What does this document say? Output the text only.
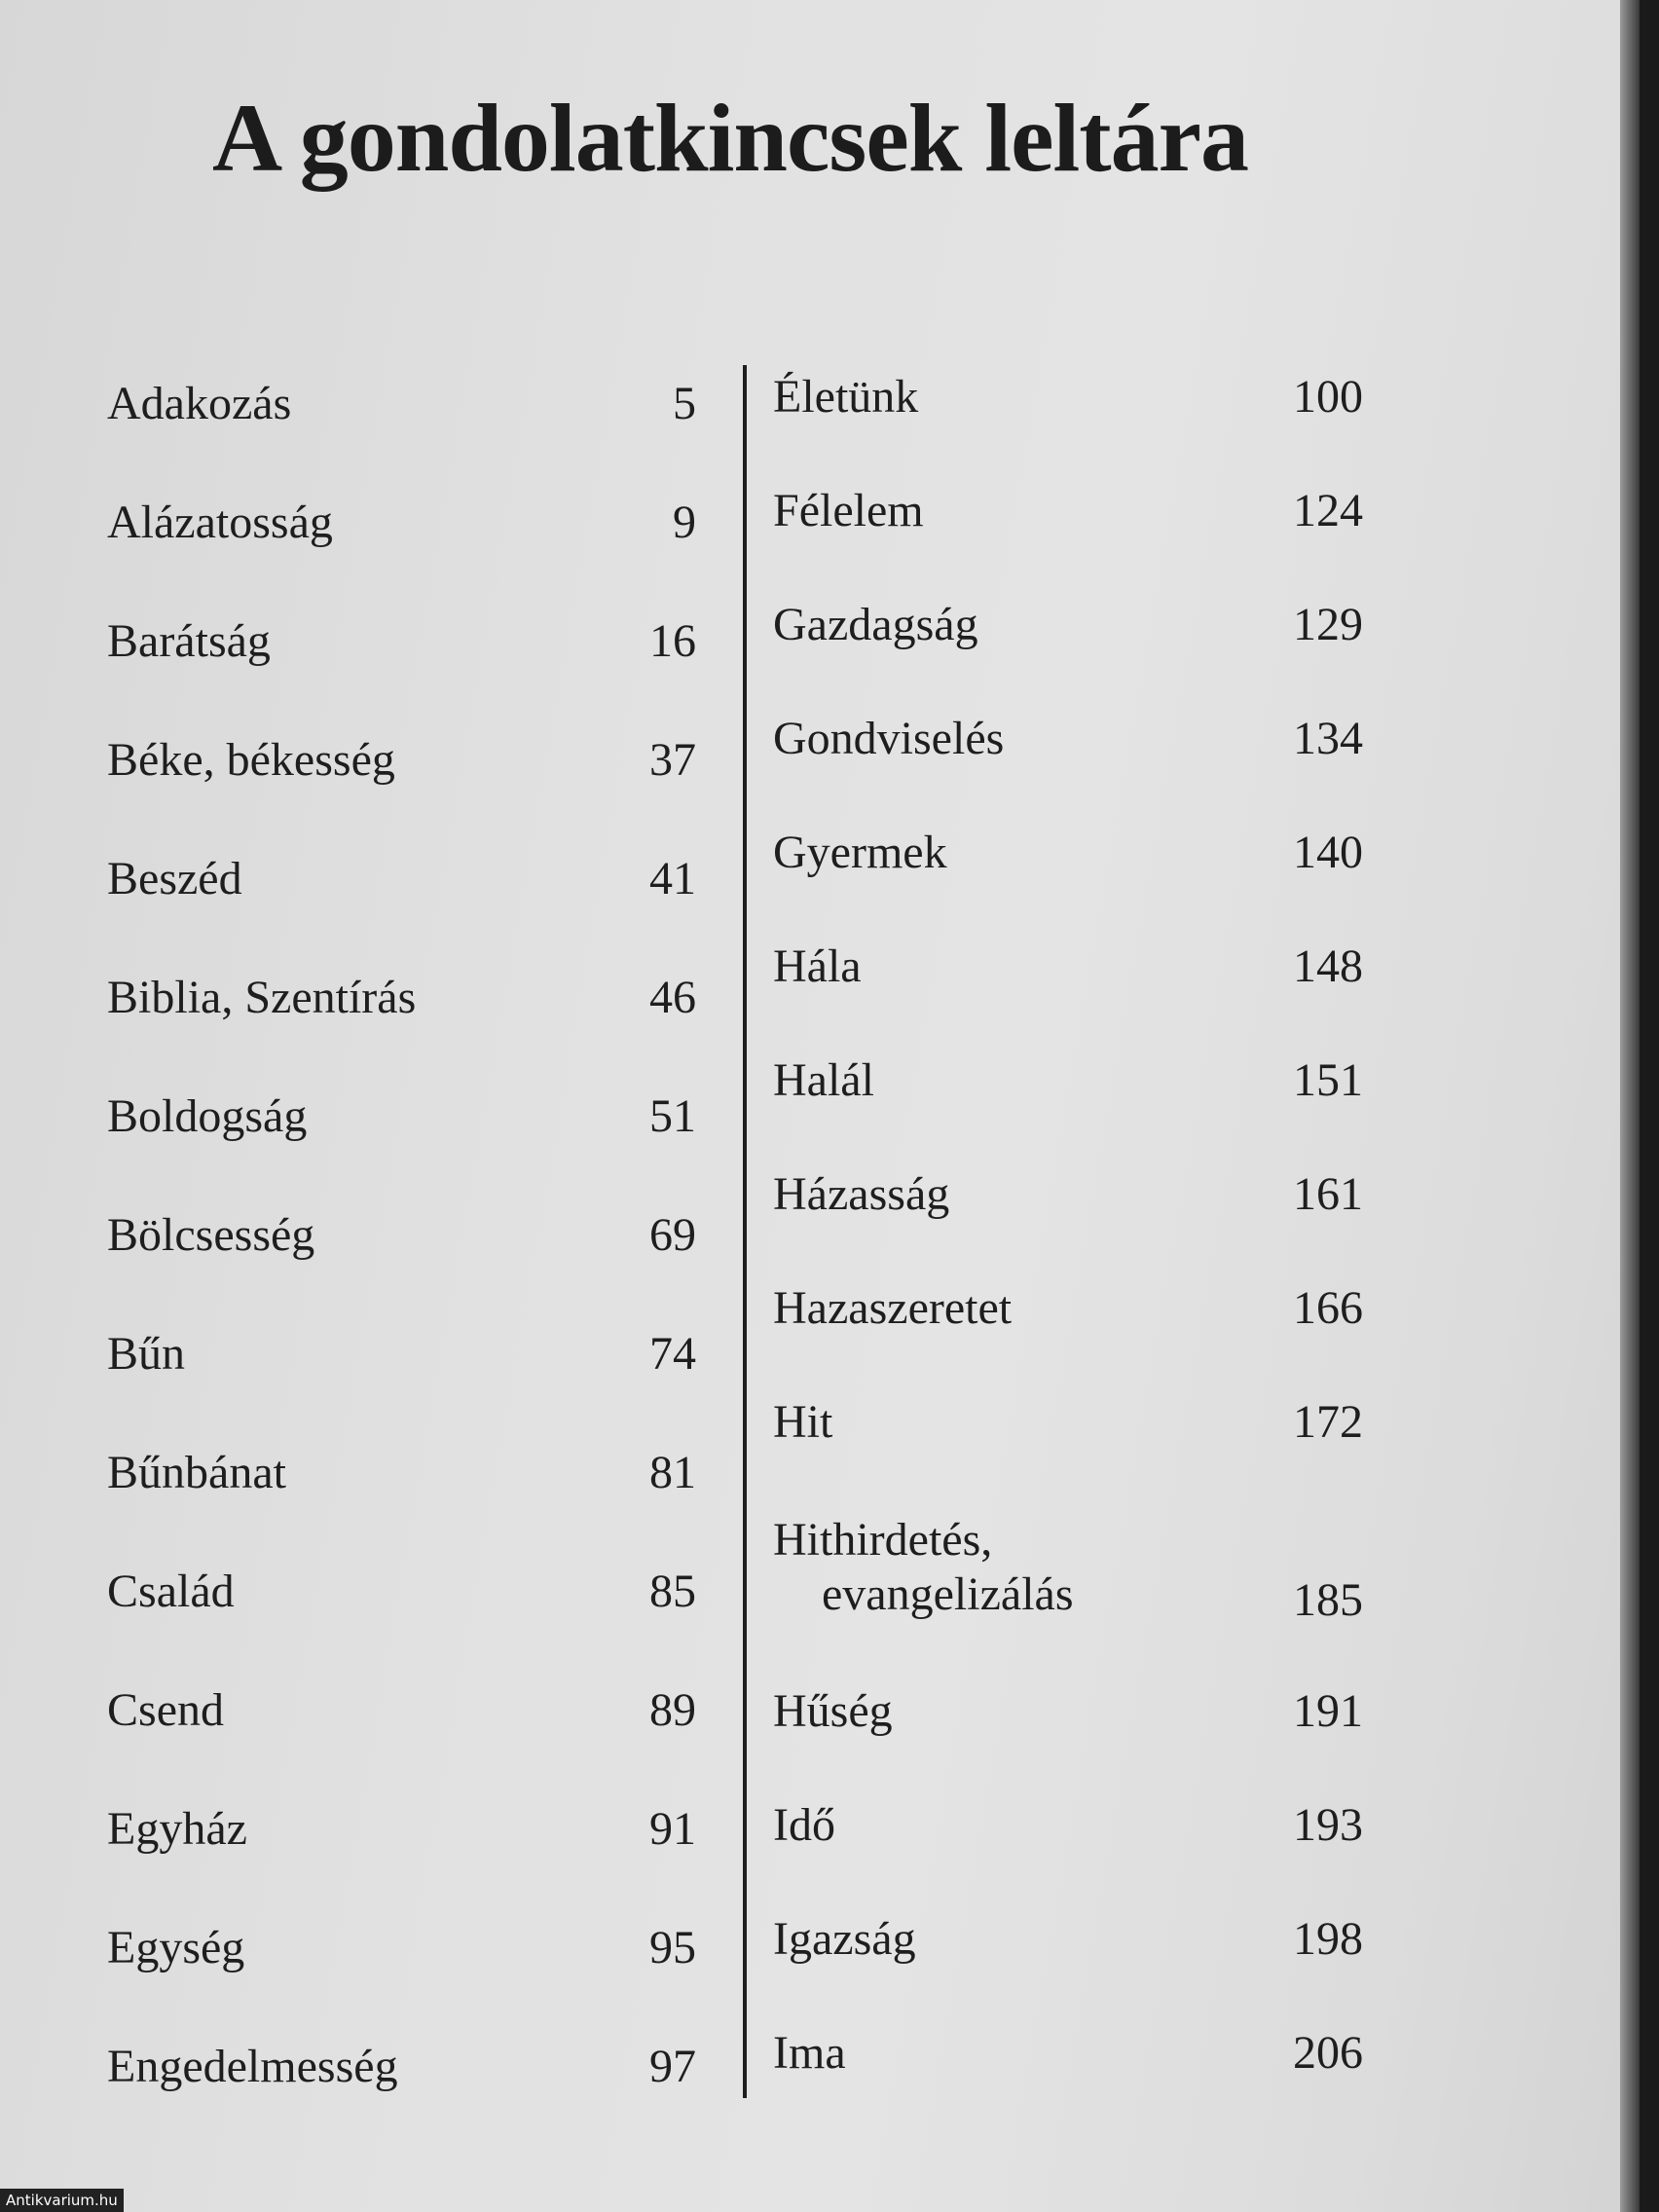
A gondolatkincsek leltára
Adakozás	5
Alázatosság	9
Barátság	16
Béke, békesség	37
Beszéd	41
Biblia, Szentírás	46
Boldogság	51
Bölcsesség	69
Bűn	74
Bűnbánat	81
Család	85
Csend	89
Egyház	91
Egység	95
Engedelmesség	97
Életünk	100
Félelem	124
Gazdagság	129
Gondviselés	134
Gyermek	140
Hála	148
Halál	151
Házasság	161
Hazaszeretet	166
Hit	172
Hithirdetés,
evangelizálás	185
Hűség	191
Idő	193
Igazság	198
Ima	206
Antikvarium.hu
